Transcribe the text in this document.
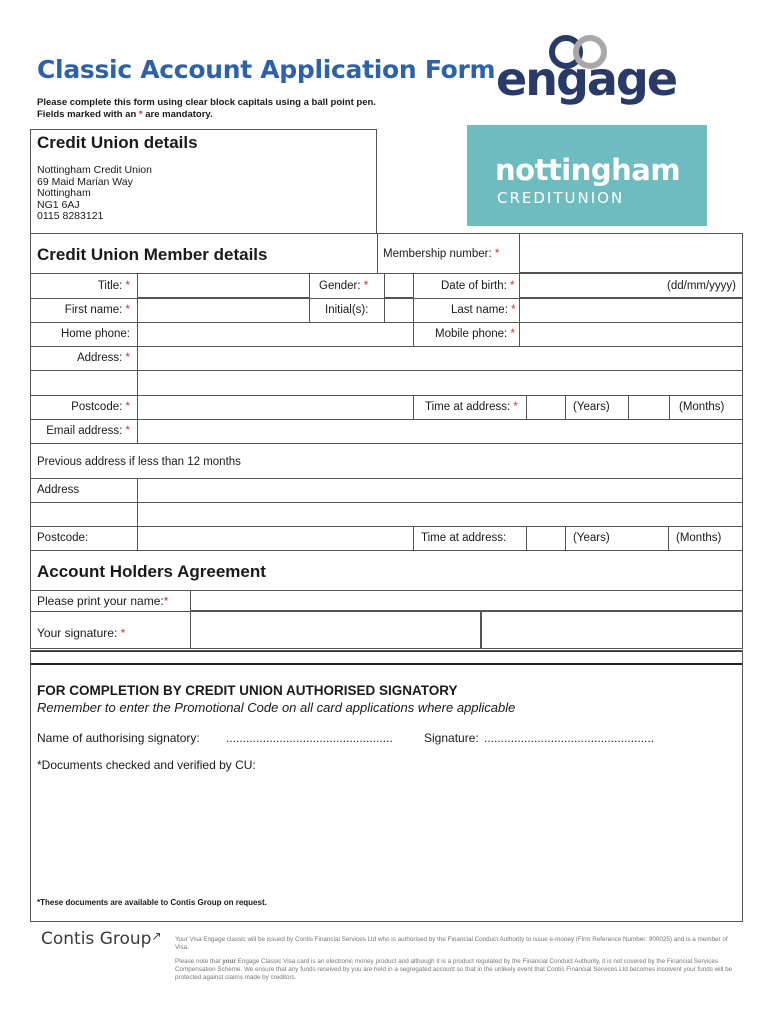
Classic Account Application Form
Please complete this form using clear block capitals using a ball point pen.
Fields marked with an * are mandatory.
engage
nottingham
CREDITUNION
Credit Union details
Nottingham Credit Union
69 Maid Marian Way
Nottingham
NG1 6AJ
0115 8283121
Credit Union Member details	Membership number: *
Title: *	Gender: *	Date of birth: *	(dd/mm/yyyy)
First name: *	Initial(s):	Last name: *
Home phone:	Mobile phone: *
Address: *
Postcode: *	Time at address: *	(Years)	(Months)
Email address: *
Previous address if less than 12 months
Address
Postcode:	Time at address:	(Years)	(Months)
Account Holders Agreement
Please print your name:*
Your signature: *
FOR COMPLETION BY CREDIT UNION AUTHORISED SIGNATORY
Remember to enter the Promotional Code on all card applications where applicable
Name of authorising signatory: ..................................................	Signature: ...................................................
*Documents checked and verified by CU:
*These documents are available to Contis Group on request.
Contis Group↗ Your Visa Engage classic will be issued by Contis Financial Services Ltd who is authorised by the Financial Conduct Authority to issue e-money (Firm Reference Number: 900025) and is a member of Visa.
Please note that your Engage Classic Visa card is an electronic money product and although it is a product regulated by the Financial Conduct Authority, it is not covered by the Financial Services Compensation Scheme. We ensure that any funds received by you are held in a segregated account so that in the unlikely event that Contis Financial Services Ltd becomes insolvent your funds will be protected against claims made by creditors.
